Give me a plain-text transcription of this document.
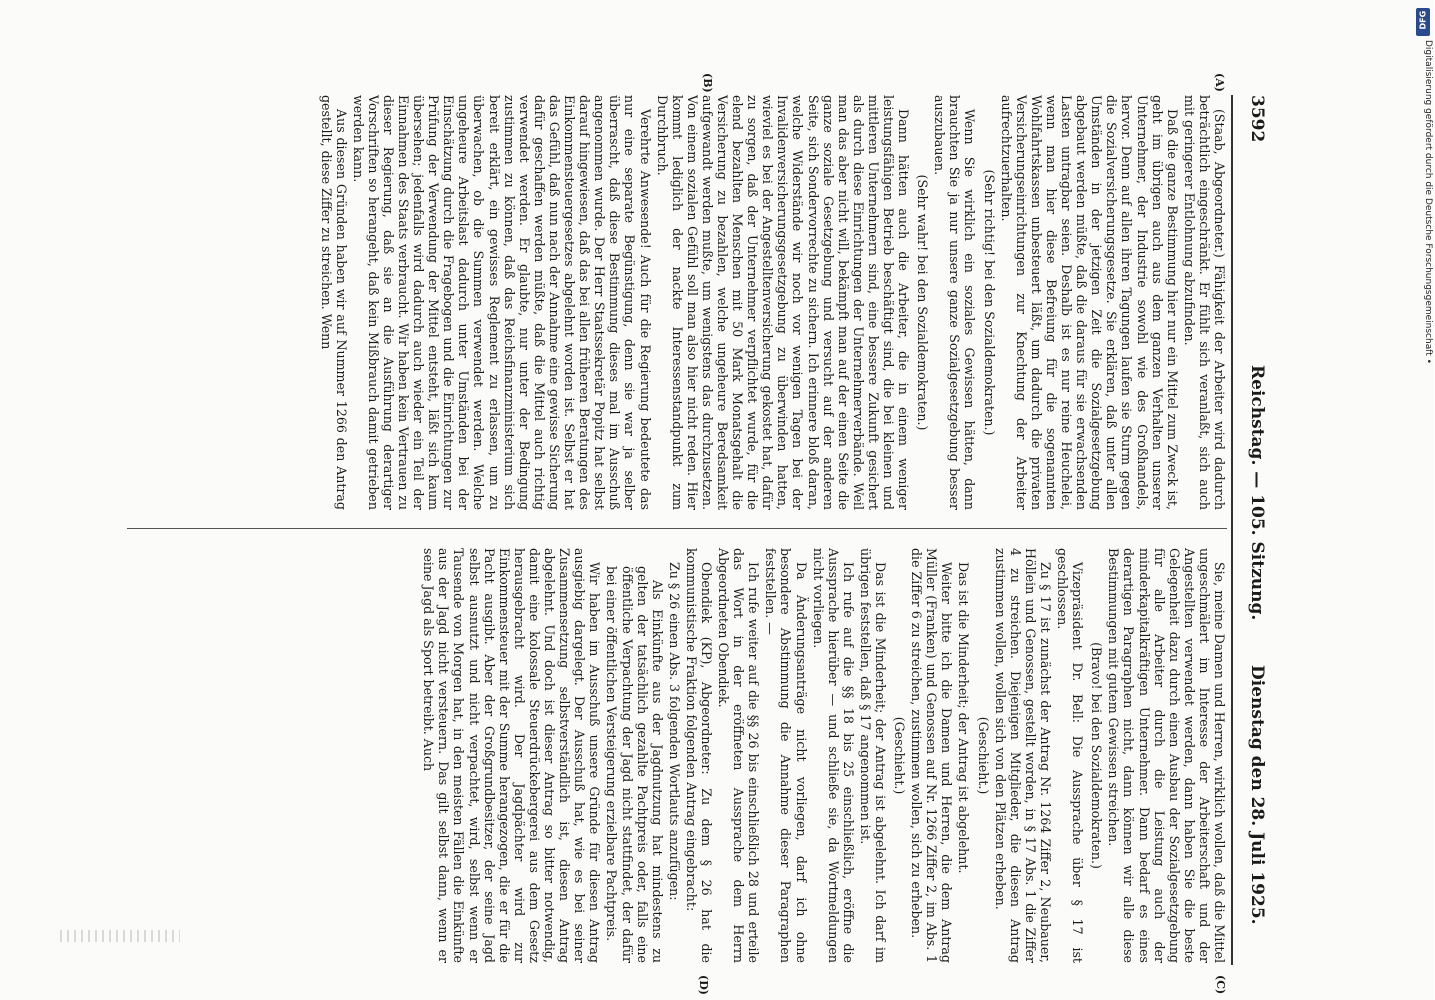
3592
Reichstag. — 105. Sitzung.
Dienstag den 28. Juli 1925.
(A)
(B)

(Staab, Abgeordneter.) Fähigkeit der Arbeiter wird dadurch beträchtlich eingeschränkt. Er fühlt sich veranlaßt, sich auch mit geringerer Entlohnung abzufinden.

Daß die ganze Bestimmung hier nur ein Mittel zum Zweck ist, geht im übrigen auch aus dem ganzen Verhalten unserer Unternehmer, der Industrie sowohl wie des Großhandels, hervor. Denn auf allen ihren Tagungen laufen sie Sturm gegen die Sozialversicherungsgesetze. Sie erklären, daß unter allen Umständen in der jetzigen Zeit die Sozialgesetzgebung abgebaut werden müßte, daß die daraus für sie erwachsenden Lasten untragbar seien. Deshalb ist es nur reine Heuchelei, wenn man hier diese Befreiung für die sogenannten Wohlfahrtskassen unbesteuert läßt, um dadurch die privaten Versicherungseinrichtungen zur Knechtung der Arbeiter aufrechtzuerhalten.

(Sehr richtig! bei den Sozialdemokraten.)

Wenn Sie wirklich ein soziales Gewissen hätten, dann brauchten Sie ja nur unsere ganze Sozialgesetzgebung besser auszubauen.

(Sehr wahr! bei den Sozialdemokraten.)

Dann hätten auch die Arbeiter, die in einem weniger leistungsfähigen Betrieb beschäftigt sind, die bei kleinen und mittleren Unternehmern sind, eine bessere Zukunft gesichert als durch diese Einrichtungen der Unternehmerverbände. Weil man das aber nicht will, bekämpft man auf der einen Seite die ganze soziale Gesetzgebung und versucht auf der anderen Seite, sich Sondervorrechte zu sichern. Ich erinnere bloß daran, welche Widerstände wir noch vor wenigen Tagen bei der Invalidenversicherungsgesetzgebung zu überwinden hatten, wieviel es bei der Angestelltenversicherung gekostet hat, dafür zu sorgen, daß der Unternehmer verpflichtet wurde, für die elend bezahlten Menschen mit 50 Mark Monatsgehalt die Versicherung zu bezahlen, welche ungeheure Beredsamkeit aufgewandt werden mußte, um wenigstens das durchzusetzen. Von einem sozialen Gefühl soll man also hier nicht reden. Hier kommt lediglich der nackte Interessenstandpunkt zum Durchbruch.

Verehrte Anwesende! Auch für die Regierung bedeutete das nur eine separate Begünstigung, denn sie war ja selber überrascht, daß diese Bestimmung dieses mal im Ausschuß angenommen wurde. Der Herr Staatssekretär Popitz hat selbst darauf hingewiesen, daß das bei allen früheren Beratungen des Einkommensteuergesetzes abgelehnt worden ist. Selbst er hat das Gefühl, daß nun nach der Annahme eine gewisse Sicherung dafür geschaffen werden müßte, daß die Mittel auch richtig verwendet werden. Er glaubte, nur unter der Bedingung zustimmen zu können, daß das Reichsfinanzministerium sich bereit erklärt, ein gewisses Reglement zu erlassen, um zu überwachen, ob die Summen verwendet werden. Welche ungeheure Arbeitslast dadurch unter Umständen bei der Einschätzung durch die Fragebogen und die Einrichtungen zur Prüfung der Verwendung der Mittel entsteht, läßt sich kaum übersehen; jedenfalls wird dadurch auch wieder ein Teil der Einnahmen des Staats verbraucht. Wir haben kein Vertrauen zu dieser Regierung, daß sie an die Ausführung derartiger Vorschriften so herangeht, daß kein Mißbrauch damit getrieben werden kann.

Aus diesen Gründen haben wir auf Nummer 1266 den Antrag gestellt, diese Ziffer zu streichen. Wenn

Sie, meine Damen und Herren, wirklich wollen, daß die Mittel ungeschmälert im Interesse der Arbeiterschaft und der Angestellten verwendet werden, dann haben Sie die beste Gelegenheit dazu durch einen Ausbau der Sozialgesetzgebung für alle Arbeiter durch die Leistung auch der minderkapitalkräftigen Unternehmer. Dann bedarf es eines derartigen Paragraphen nicht, dann können wir alle diese Bestimmungen mit gutem Gewissen streichen.

(Bravo! bei den Sozialdemokraten.)

Vizepräsident Dr. Bell: Die Aussprache über § 17 ist geschlossen.

Zu § 17 ist zunächst der Antrag Nr. 1264 Ziffer 2, Neubauer, Höllein und Genossen, gestellt worden, in § 17 Abs. 1 die Ziffer 4 zu streichen. Diejenigen Mitglieder, die diesen Antrag zustimmen wollen, wollen sich von den Plätzen erheben.

(Geschieht.)

Das ist die Minderheit; der Antrag ist abgelehnt.

Weiter bitte ich die Damen und Herren, die dem Antrag Müller (Franken) und Genossen auf Nr. 1266 Ziffer 2, im Abs. 1 die Ziffer 6 zu streichen, zustimmen wollen, sich zu erheben.

(Geschieht.)

Das ist die Minderheit; der Antrag ist abgelehnt. Ich darf im übrigen feststellen, daß § 17 angenommen ist.

Ich rufe auf die §§ 18 bis 25 einschließlich, eröffne die Aussprache hierüber — und schließe sie, da Wortmeldungen nicht vorliegen.

Da Änderungsanträge nicht vorliegen, darf ich ohne besondere Abstimmung die Annahme dieser Paragraphen feststellen. —

Ich rufe weiter auf die §§ 26 bis einschließlich 28 und erteile das Wort in der eröffneten Aussprache dem Herrn Abgeordneten Obendiek.

Obendiek (KP), Abgeordneter: Zu dem § 26 hat die kommunistische Fraktion folgenden Antrag eingebracht:

Zu § 26 einen Abs. 3 folgenden Wortlauts anzufügen:

Als Einkünfte aus der Jagdnutzung hat mindestens zu gelten der tatsächlich gezahlte Pachtpreis oder, falls eine öffentliche Verpachtung der Jagd nicht stattfindet, der dafür bei einer öffentlichen Versteigerung erzielbare Pachtpreis.

Wir haben im Ausschuß unsere Gründe für diesen Antrag ausgiebig dargelegt. Der Ausschuß hat, wie es bei seiner Zusammensetzung selbstverständlich ist, diesen Antrag abgelehnt. Und doch ist dieser Antrag so bitter notwendig, damit eine kolossale Steuerdrückebergerei aus dem Gesetz herausgebracht wird. Der Jagdpächter wird zur Einkommensteuer mit der Summe herangezogen, die er für die Pacht ausgibt. Aber der Großgrundbesitzer, der seine Jagd selbst ausnutzt und nicht verpachtet, wird, selbst wenn er Tausende von Morgen hat, in den meisten Fällen die Einkünfte aus der Jagd nicht versteuern. Das gilt selbst dann, wenn er seine Jagd als Sport betreibt. Auch

(C)
(D)
DFG
Digitalisierung gefördert durch die Deutsche Forschungsgemeinschaft •
